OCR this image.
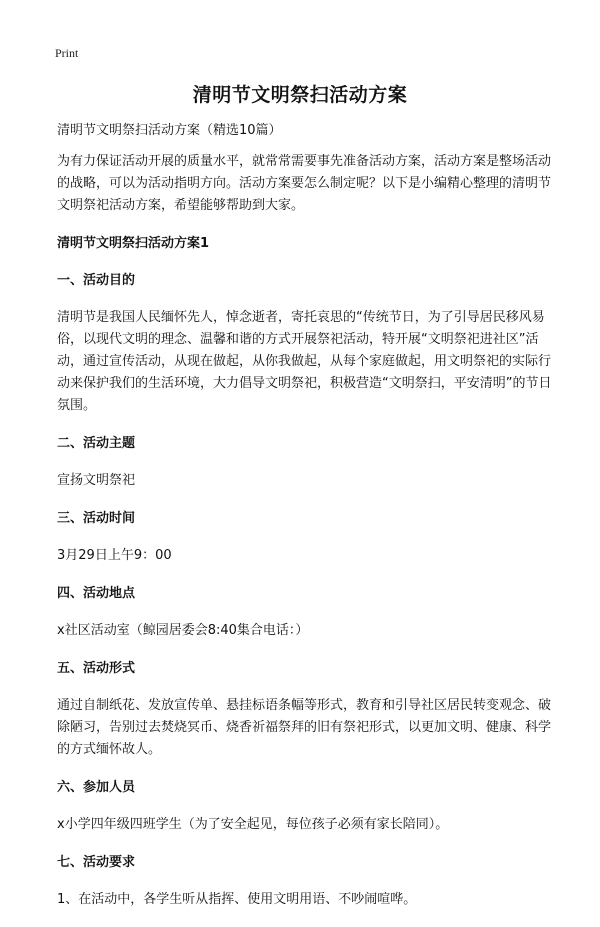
Print
清明节文明祭扫活动方案

清明节文明祭扫活动方案（精选10篇）

为有力保证活动开展的质量水平，就常常需要事先准备活动方案，活动方案是整场活动的战略，可以为活动指明方向。活动方案要怎么制定呢？以下是小编精心整理的清明节文明祭祀活动方案，希望能够帮助到大家。

清明节文明祭扫活动方案1

一、活动目的

清明节是我国人民缅怀先人，悼念逝者，寄托哀思的“传统节日，为了引导居民移风易俗，以现代文明的理念、温馨和谐的方式开展祭祀活动，特开展“文明祭祀进社区”活动，通过宣传活动，从现在做起，从你我做起，从每个家庭做起，用文明祭祀的实际行动来保护我们的生活环境，大力倡导文明祭祀，积极营造“文明祭扫，平安清明”的节日氛围。

二、活动主题

宣扬文明祭祀

三、活动时间

3月29日上午9：00

四、活动地点

x社区活动室（鲸园居委会8:40集合电话：）

五、活动形式

通过自制纸花、发放宣传单、悬挂标语条幅等形式，教育和引导社区居民转变观念、破除陋习，告别过去焚烧冥币、烧香祈福祭拜的旧有祭祀形式，以更加文明、健康、科学的方式缅怀故人。

六、参加人员

x小学四年级四班学生（为了安全起见，每位孩子必须有家长陪同）。

七、活动要求

1、在活动中，各学生听从指挥、使用文明用语、不吵闹喧哗。
